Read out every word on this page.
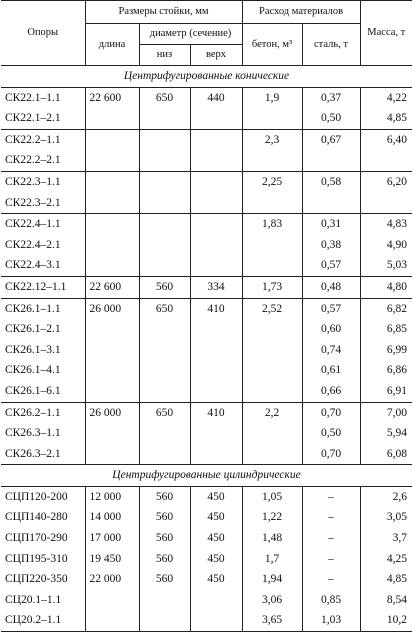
Опоры	Размеры стойки, мм			Расход материалов		Масса, т
	длина	диаметр (сечение)		бетон, м³	сталь, т	
		низ	верх			
Центрифугированные конические						
СК22.1–1.1	22 600	650	440	1,9	0,37	4,22
СК22.1–2.1					0,50	4,85
СК22.2–1.1				2,3	0,67	6,40
СК22.2–2.1						
СК22.3–1.1				2,25	0,58	6,20
СК22.3–2.1						
СК22.4–1.1				1,83	0,31	4,83
СК22.4–2.1					0,38	4,90
СК22.4–3.1					0,57	5,03
СК22.12–1.1	22 600	560	334	1,73	0,48	4,80
СК26.1–1.1	26 000	650	410	2,52	0,57	6,82
СК26.1–2.1					0,60	6,85
СК26.1–3.1					0,74	6,99
СК26.1–4.1					0,61	6,86
СК26.1–6.1					0,66	6,91
СК26.2–1.1	26 000	650	410	2,2	0,70	7,00
СК26.3–1.1					0,50	5,94
СК26.3–2.1					0,70	6,08
Центрифугированные цилиндрические						
СЦП120-200	12 000	560	450	1,05	–	2,6
СЦП140-280	14 000	560	450	1,22	–	3,05
СЦП170-290	17 000	560	450	1,48	–	3,7
СЦП195-310	19 450	560	450	1,7	–	4,25
СЦП220-350	22 000	560	450	1,94	–	4,85
СЦ20.1–1.1				3,06	0,85	8,54
СЦ20.2–1.1				3,65	1,03	10,2
